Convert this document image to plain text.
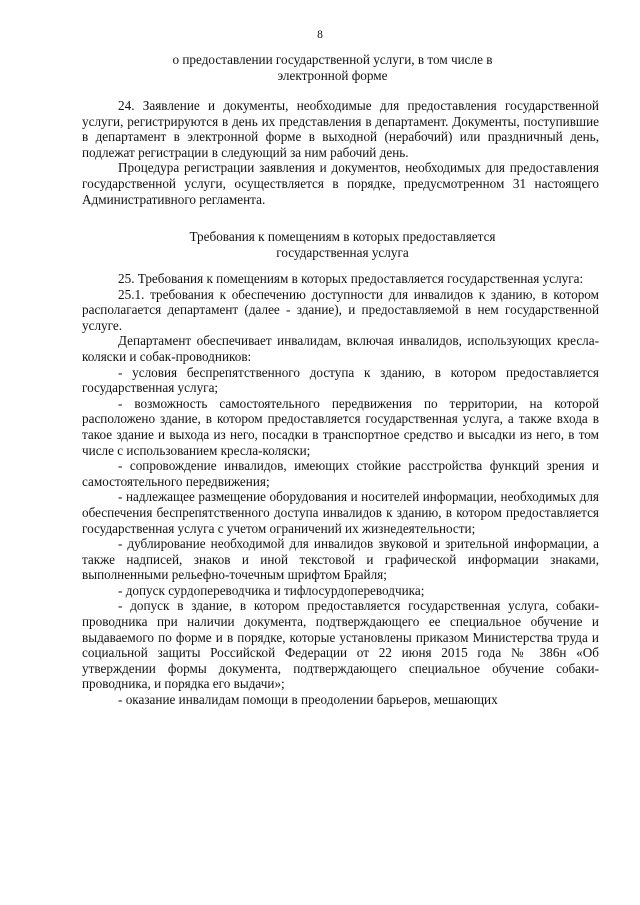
8

о предоставлении государственной услуги, в том числе в электронной форме

24. Заявление и документы, необходимые для предоставления государственной услуги, регистрируются в день их представления в департамент. Документы, поступившие в департамент в электронной форме в выходной (нерабочий) или праздничный день, подлежат регистрации в следующий за ним рабочий день.

Процедура регистрации заявления и документов, необходимых для предоставления государственной услуги, осуществляется в порядке, предусмотренном 31 настоящего Административного регламента.

Требования к помещениям в которых предоставляется государственная услуга

25. Требования к помещениям в которых предоставляется государственная услуга:

25.1. требования к обеспечению доступности для инвалидов к зданию, в котором располагается департамент (далее - здание), и предоставляемой в нем государственной услуге.

Департамент обеспечивает инвалидам, включая инвалидов, использующих кресла-коляски и собак-проводников:

- условия беспрепятственного доступа к зданию, в котором предоставляется государственная услуга;

- возможность самостоятельного передвижения по территории, на которой расположено здание, в котором предоставляется государственная услуга, а также входа в такое здание и выхода из него, посадки в транспортное средство и высадки из него, в том числе с использованием кресла-коляски;

- сопровождение инвалидов, имеющих стойкие расстройства функций зрения и самостоятельного передвижения;

- надлежащее размещение оборудования и носителей информации, необходимых для обеспечения беспрепятственного доступа инвалидов к зданию, в котором предоставляется государственная услуга с учетом ограничений их жизнедеятельности;

- дублирование необходимой для инвалидов звуковой и зрительной информации, а также надписей, знаков и иной текстовой и графической информации знаками, выполненными рельефно-точечным шрифтом Брайля;

- допуск сурдопереводчика и тифлосурдопереводчика;

- допуск в здание, в котором предоставляется государственная услуга, собаки-проводника при наличии документа, подтверждающего ее специальное обучение и выдаваемого по форме и в порядке, которые установлены приказом Министерства труда и социальной защиты Российской Федерации от 22 июня 2015 года № 386н «Об утверждении формы документа, подтверждающего специальное обучение собаки-проводника, и порядка его выдачи»;

- оказание инвалидам помощи в преодолении барьеров, мешающих
